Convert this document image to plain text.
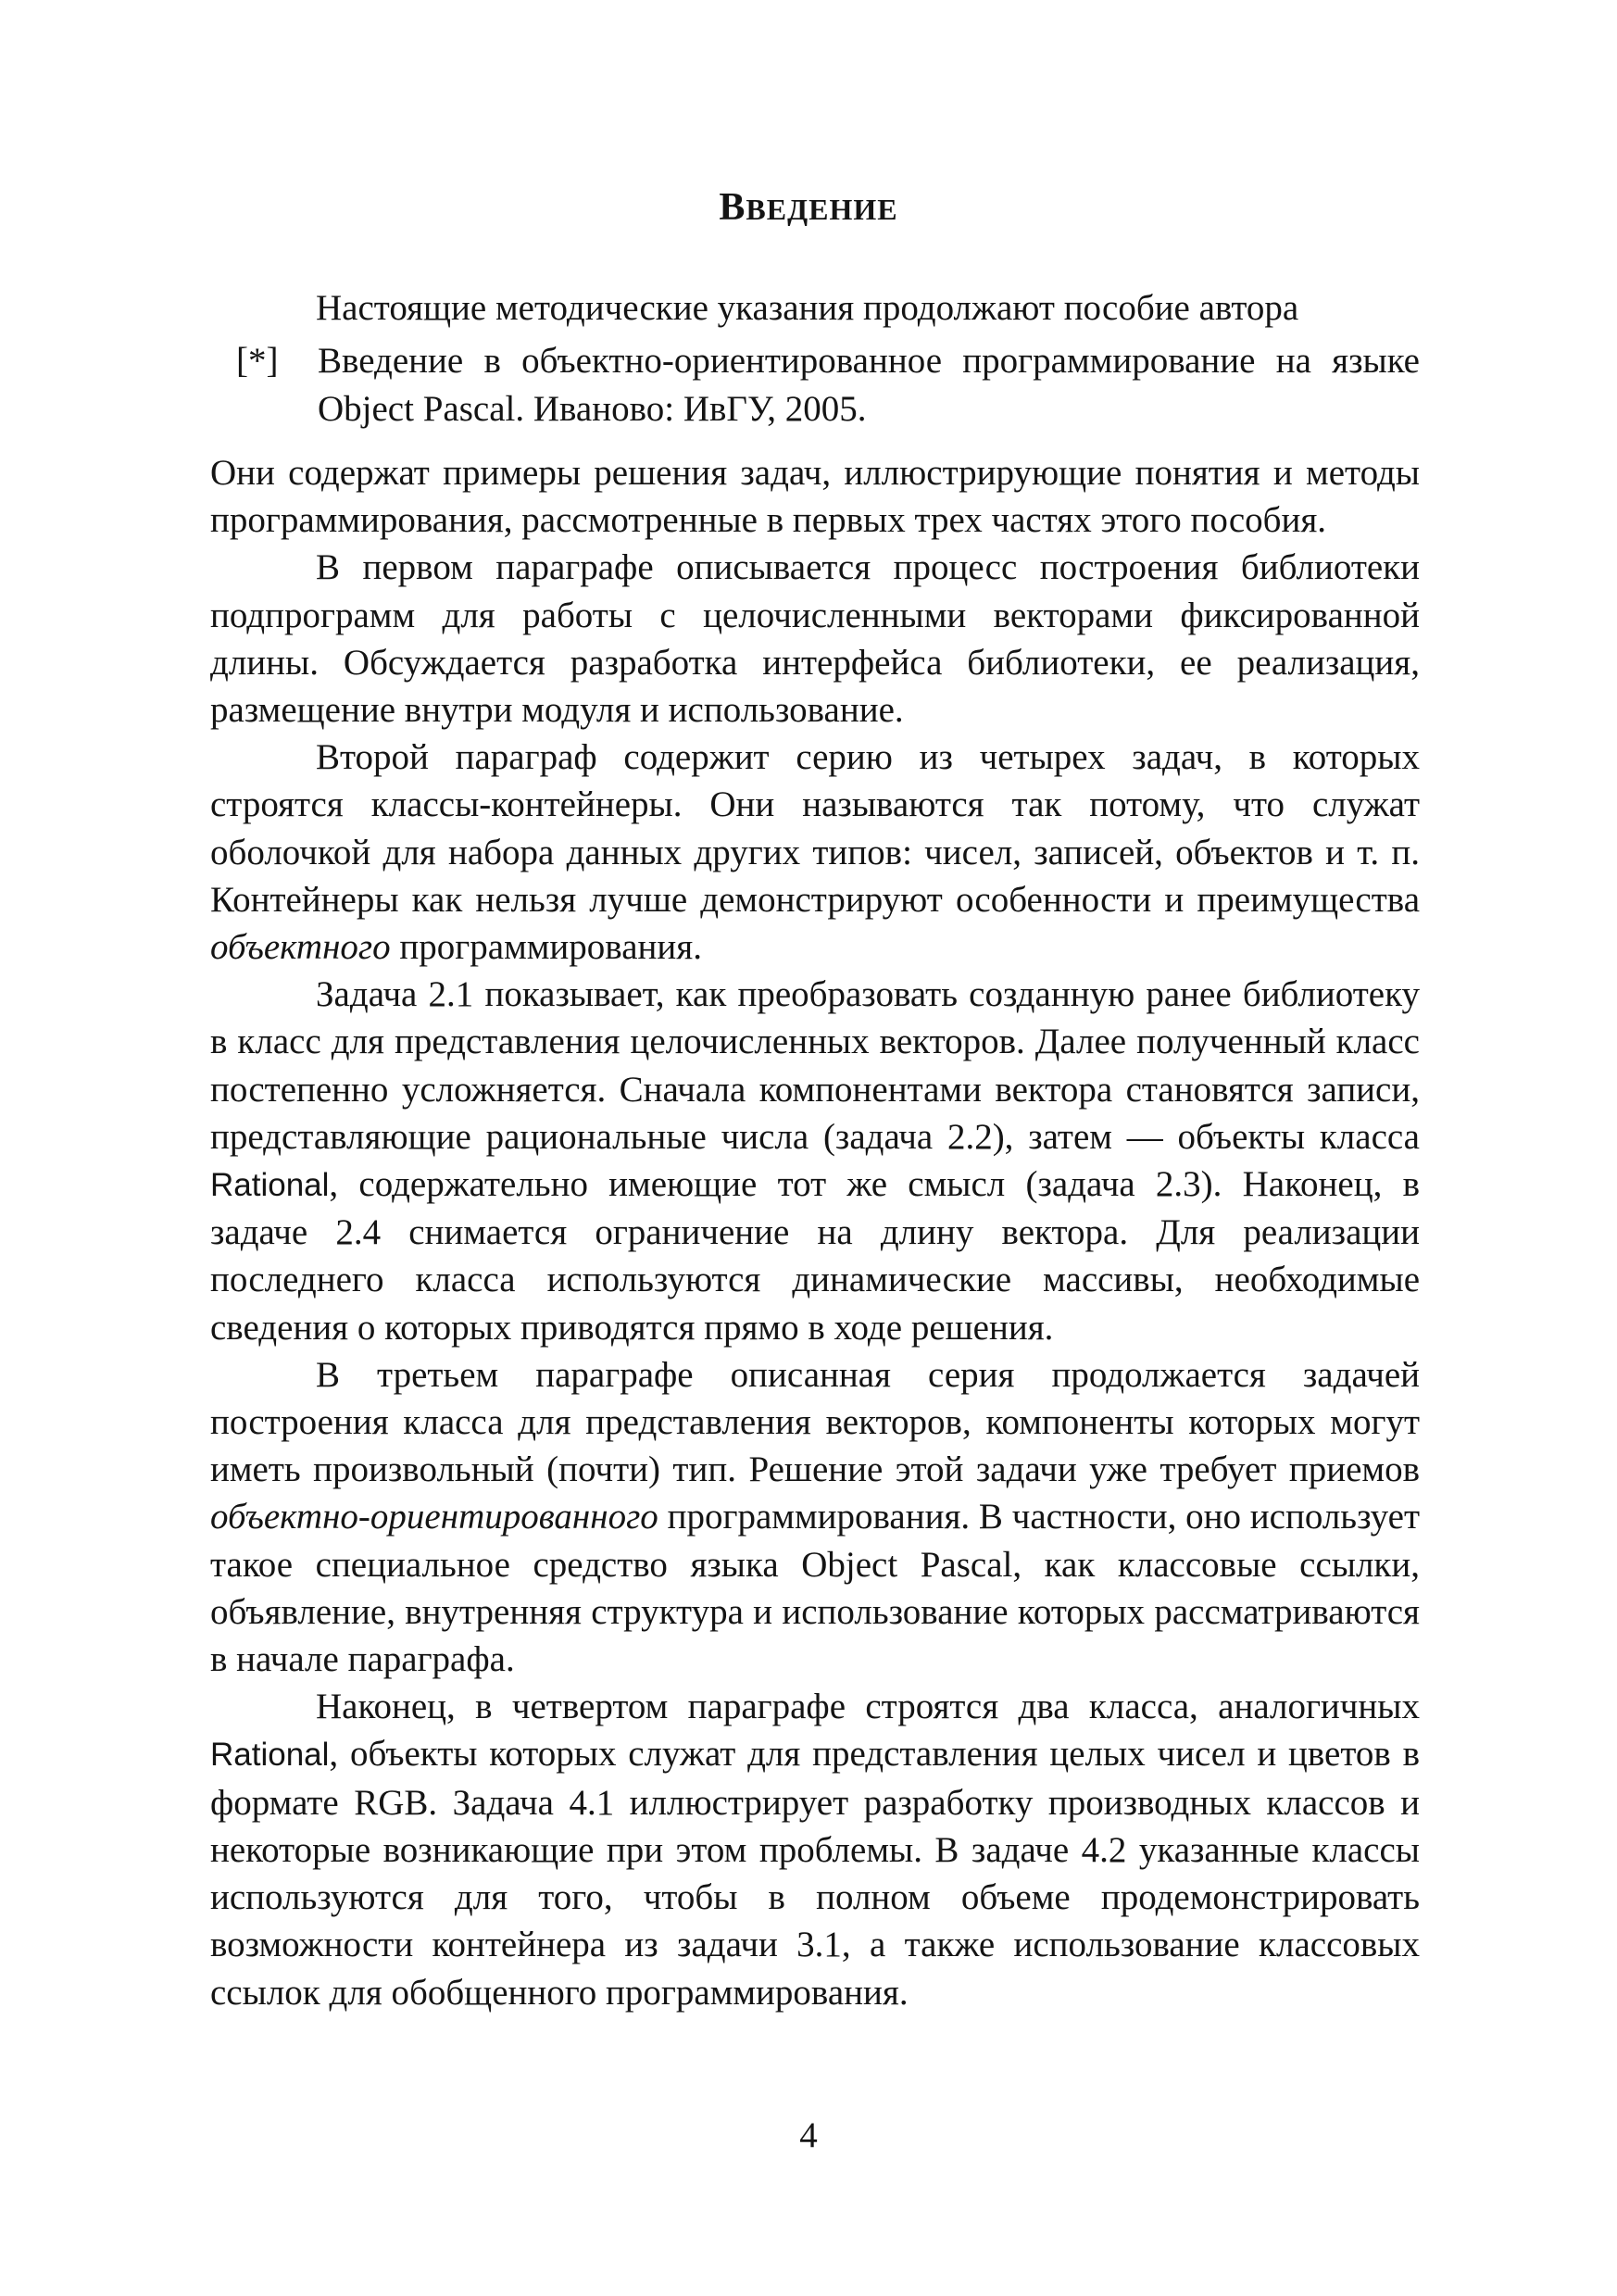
ВВЕДЕНИЕ
Настоящие методические указания продолжают пособие автора
[*] Введение в объектно-ориентированное программирование на языке Object Pascal. Иваново: ИвГУ, 2005.

Они содержат примеры решения задач, иллюстрирующие понятия и методы программирования, рассмотренные в первых трех частях этого пособия.

В первом параграфе описывается процесс построения библиотеки подпрограмм для работы с целочисленными векторами фиксированной длины. Обсуждается разработка интерфейса библиотеки, ее реализация, размещение внутри модуля и использование.

Второй параграф содержит серию из четырех задач, в которых строятся классы-контейнеры. Они называются так потому, что служат оболочкой для набора данных других типов: чисел, записей, объектов и т. п. Контейнеры как нельзя лучше демонстрируют особенности и преимущества объектного программирования.

Задача 2.1 показывает, как преобразовать созданную ранее библиотеку в класс для представления целочисленных векторов. Далее полученный класс постепенно усложняется. Сначала компонентами вектора становятся записи, представляющие рациональные числа (задача 2.2), затем — объекты класса Rational, содержательно имеющие тот же смысл (задача 2.3). Наконец, в задаче 2.4 снимается ограничение на длину вектора. Для реализации последнего класса используются динамические массивы, необходимые сведения о которых приводятся прямо в ходе решения.

В третьем параграфе описанная серия продолжается задачей построения класса для представления векторов, компоненты которых могут иметь произвольный (почти) тип. Решение этой задачи уже требует приемов объектно-ориентированного программирования. В частности, оно использует такое специальное средство языка Object Pascal, как классовые ссылки, объявление, внутренняя структура и использование которых рассматриваются в начале параграфа.

Наконец, в четвертом параграфе строятся два класса, аналогичных Rational, объекты которых служат для представления целых чисел и цветов в формате RGB. Задача 4.1 иллюстрирует разработку производных классов и некоторые возникающие при этом проблемы. В задаче 4.2 указанные классы используются для того, чтобы в полном объеме продемонстрировать возможности контейнера из задачи 3.1, а также использование классовых ссылок для обобщенного программирования.

4
